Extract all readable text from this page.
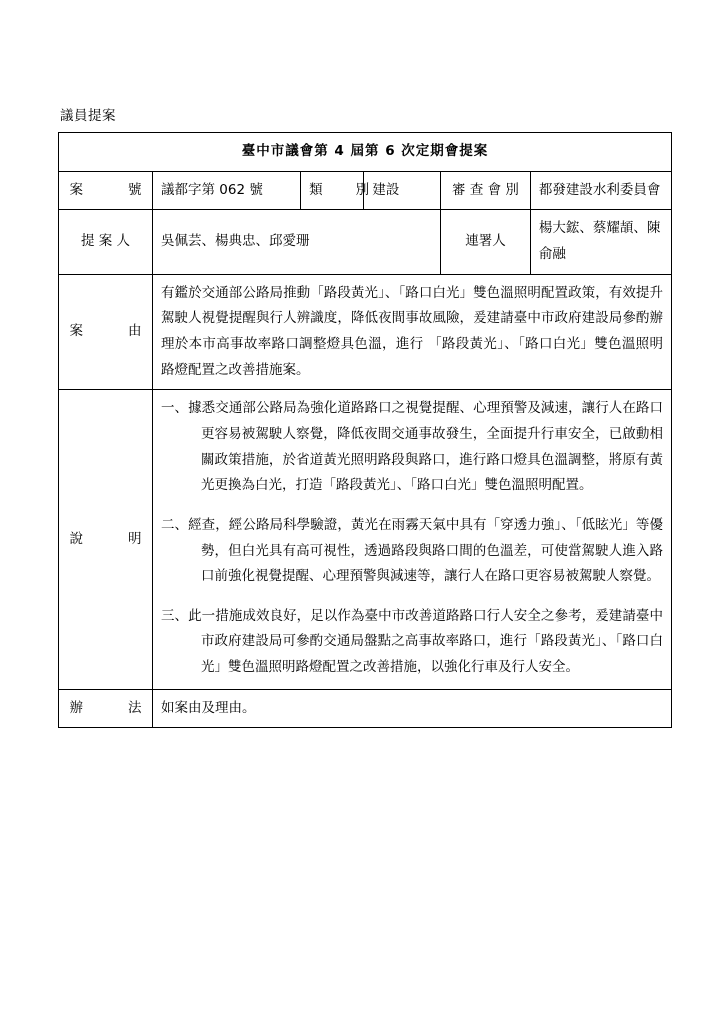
議員提案
臺中市議會第 4 屆第 6 次定期會提案					
案　　號	議都字第 062 號	類　別	建設	審 查 會 別	都發建設水利委員會
提 案 人	吳佩芸、楊典忠、邱愛珊			連署人	楊大鋐、蔡耀頡、陳俞融
案　　由	有鑑於交通部公路局推動「路段黃光」、「路口白光」雙色溫照明配置政策，有效提升駕駛人視覺提醒與行人辨識度，降低夜間事故風險，爰建請臺中市政府建設局參酌辦理於本市高事故率路口調整燈具色溫，進行 「路段黃光」、「路口白光」雙色溫照明路燈配置之改善措施案。				
說　　明	一、據悉交通部公路局為強化道路路口之視覺提醒、心理預警及減速，讓行人在路口更容易被駕駛人察覺，降低夜間交通事故發生，全面提升行車安全，已啟動相關政策措施，於省道黃光照明路段與路口，進行路口燈具色溫調整，將原有黃光更換為白光，打造「路段黃光」、「路口白光」雙色溫照明配置。

二、經查，經公路局科學驗證，黃光在雨霧天氣中具有「穿透力強」、「低眩光」等優勢，但白光具有高可視性，透過路段與路口間的色溫差，可使當駕駛人進入路口前強化視覺提醒、心理預警與減速等，讓行人在路口更容易被駕駛人察覺。

三、此一措施成效良好，足以作為臺中市改善道路路口行人安全之參考，爰建請臺中市政府建設局可參酌交通局盤點之高事故率路口，進行「路段黃光」、「路口白光」雙色溫照明路燈配置之改善措施，以強化行車及行人安全。				

辦　　法	如案由及理由。				
